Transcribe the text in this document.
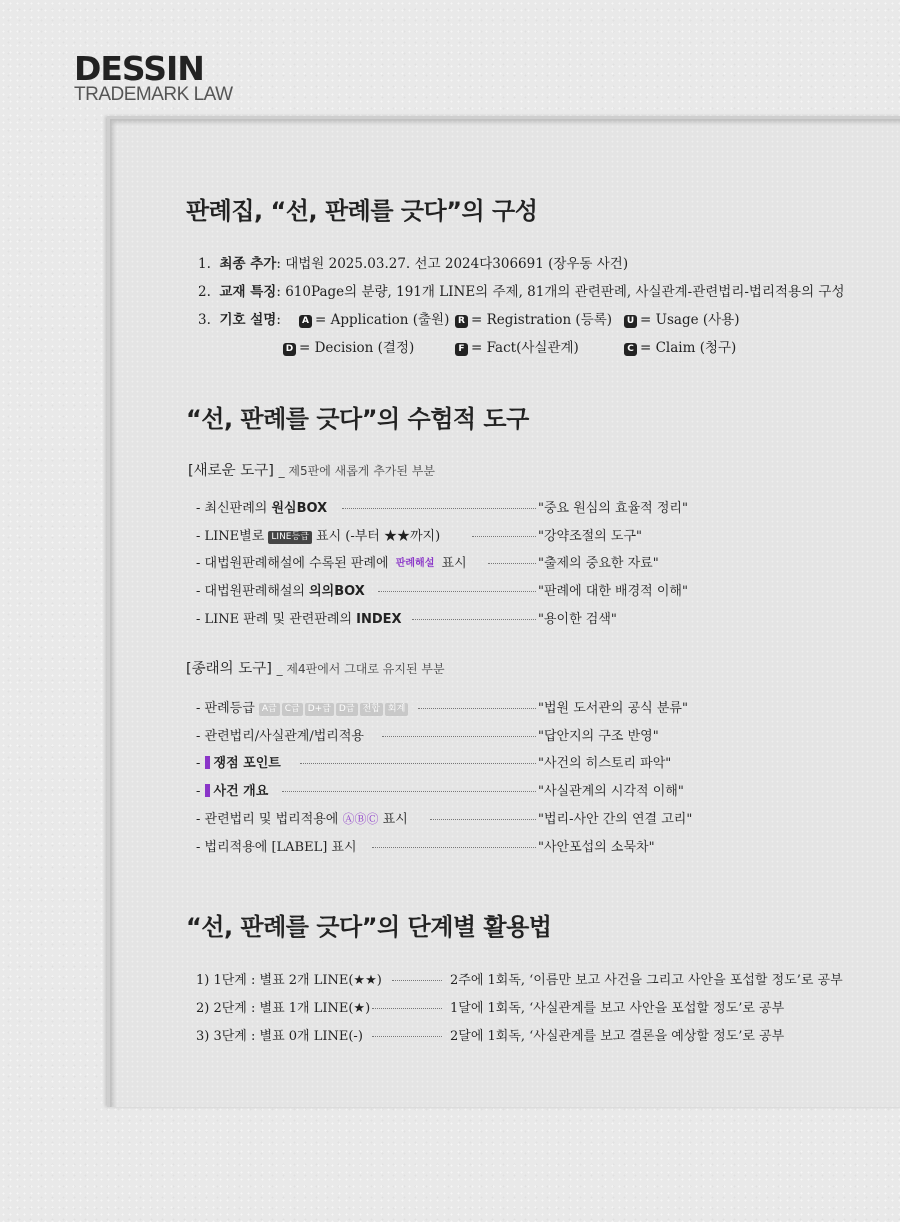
DESSIN
TRADEMARK LAW
판례집, “선, 판례를 긋다”의 구성
1. 최종 추가: 대법원 2025.03.27. 선고 2024다306691 (장우동 사건)
2. 교재 특징: 610Page의 분량, 191개 LINE의 주제, 81개의 관련판례, 사실관계-관련법리-법리적용의 구성
3. 기호 설명:	A = Application (출원) R = Registration (등록)	U = Usage (사용)
D = Decision (결정)	F = Fact(사실관계)	C = Claim (청구)
“선, 판례를 긋다”의 수험적 도구
[새로운 도구] _ 제5판에 새롭게 추가된 부분
- 최신판례의 원심BOX	"중요 원심의 효율적 정리"
- LINE별로 LINE등급 표시 (-부터 ★★까지)	"강약조절의 도구"
- 대법원판례해설에 수록된 판례에 판례해설 표시	"출제의 중요한 자료"
- 대법원판례해설의 의의BOX	"판례에 대한 배경적 이해"
- LINE 판례 및 관련판례의 INDEX	"용이한 검색"
[종래의 도구] _ 제4판에서 그대로 유지된 부분
- 판례등급 A급 C급 D+급 D급 전합 회계	"법원 도서관의 공식 분류"
- 관련법리/사실관계/법리적용	"답안지의 구조 반영"
- 쟁점 포인트	"사건의 히스토리 파악"
- 사건 개요	"사실관계의 시각적 이해"
- 관련법리 및 법리적용에 ⒶⒷⒸ 표시	"법리-사안 간의 연결 고리"
- 법리적용에 [LABEL] 표시	"사안포섭의 소묵차"
“선, 판례를 긋다”의 단계별 활용법
1) 1단계 : 별표 2개 LINE(★★)	2주에 1회독, ‘이름만 보고 사건을 그리고 사안을 포섭할 정도’로 공부
2) 2단계 : 별표 1개 LINE(★)	1달에 1회독, ‘사실관계를 보고 사안을 포섭할 정도’로 공부
3) 3단계 : 별표 0개 LINE(-)	2달에 1회독, ‘사실관계를 보고 결론을 예상할 정도’로 공부
